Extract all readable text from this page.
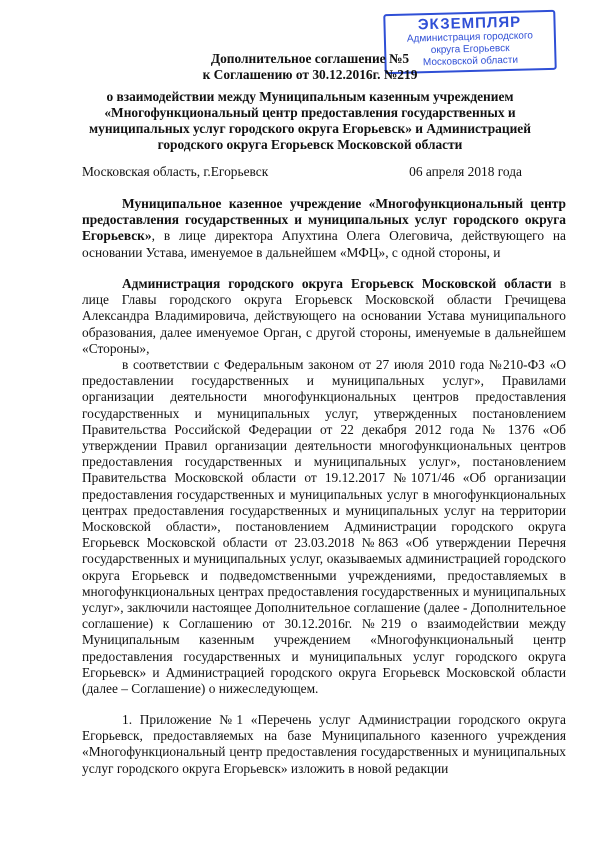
ЭКЗЕМПЛЯР
Администрация городского
округа Егорьевск
Московской области
Дополнительное соглашение №5
к Соглашению от 30.12.2016г. №219
о взаимодействии между Муниципальным казенным учреждением «Многофункциональный центр предоставления государственных и муниципальных услуг городского округа Егорьевск» и Администрацией городского округа Егорьевск Московской области
Московская область, г.Егорьевск	06 апреля 2018 года
Муниципальное казенное учреждение «Многофункциональный центр предоставления государственных и муниципальных услуг городского округа Егорьевск», в лице директора Апухтина Олега Олеговича, действующего на основании Устава, именуемое в дальнейшем «МФЦ», с одной стороны, и
Администрация городского округа Егорьевск Московской области в лице Главы городского округа Егорьевск Московской области Гречищева Александра Владимировича, действующего на основании Устава муниципального образования, далее именуемое Орган, с другой стороны, именуемые в дальнейшем «Стороны»,
в соответствии с Федеральным законом от 27 июля 2010 года №210-ФЗ «О предоставлении государственных и муниципальных услуг», Правилами организации деятельности многофункциональных центров предоставления государственных и муниципальных услуг, утвержденных постановлением Правительства Российской Федерации от 22 декабря 2012 года № 1376 «Об утверждении Правил организации деятельности многофункциональных центров предоставления государственных и муниципальных услуг», постановлением Правительства Московской области от 19.12.2017 №1071/46 «Об организации предоставления государственных и муниципальных услуг в многофункциональных центрах предоставления государственных и муниципальных услуг на территории Московской области», постановлением Администрации городского округа Егорьевск Московской области от 23.03.2018 №863 «Об утверждении Перечня государственных и муниципальных услуг, оказываемых администрацией городского округа Егорьевск и подведомственными учреждениями, предоставляемых в многофункциональных центрах предоставления государственных и муниципальных услуг», заключили настоящее Дополнительное соглашение (далее - Дополнительное соглашение) к Соглашению от 30.12.2016г. №219 о взаимодействии между Муниципальным казенным учреждением «Многофункциональный центр предоставления государственных и муниципальных услуг городского округа Егорьевск» и Администрацией городского округа Егорьевск Московской области (далее – Соглашение) о нижеследующем.
1. Приложение №1 «Перечень услуг Администрации городского округа Егорьевск, предоставляемых на базе Муниципального казенного учреждения «Многофункциональный центр предоставления государственных и муниципальных услуг городского округа Егорьевск» изложить в новой редакции
